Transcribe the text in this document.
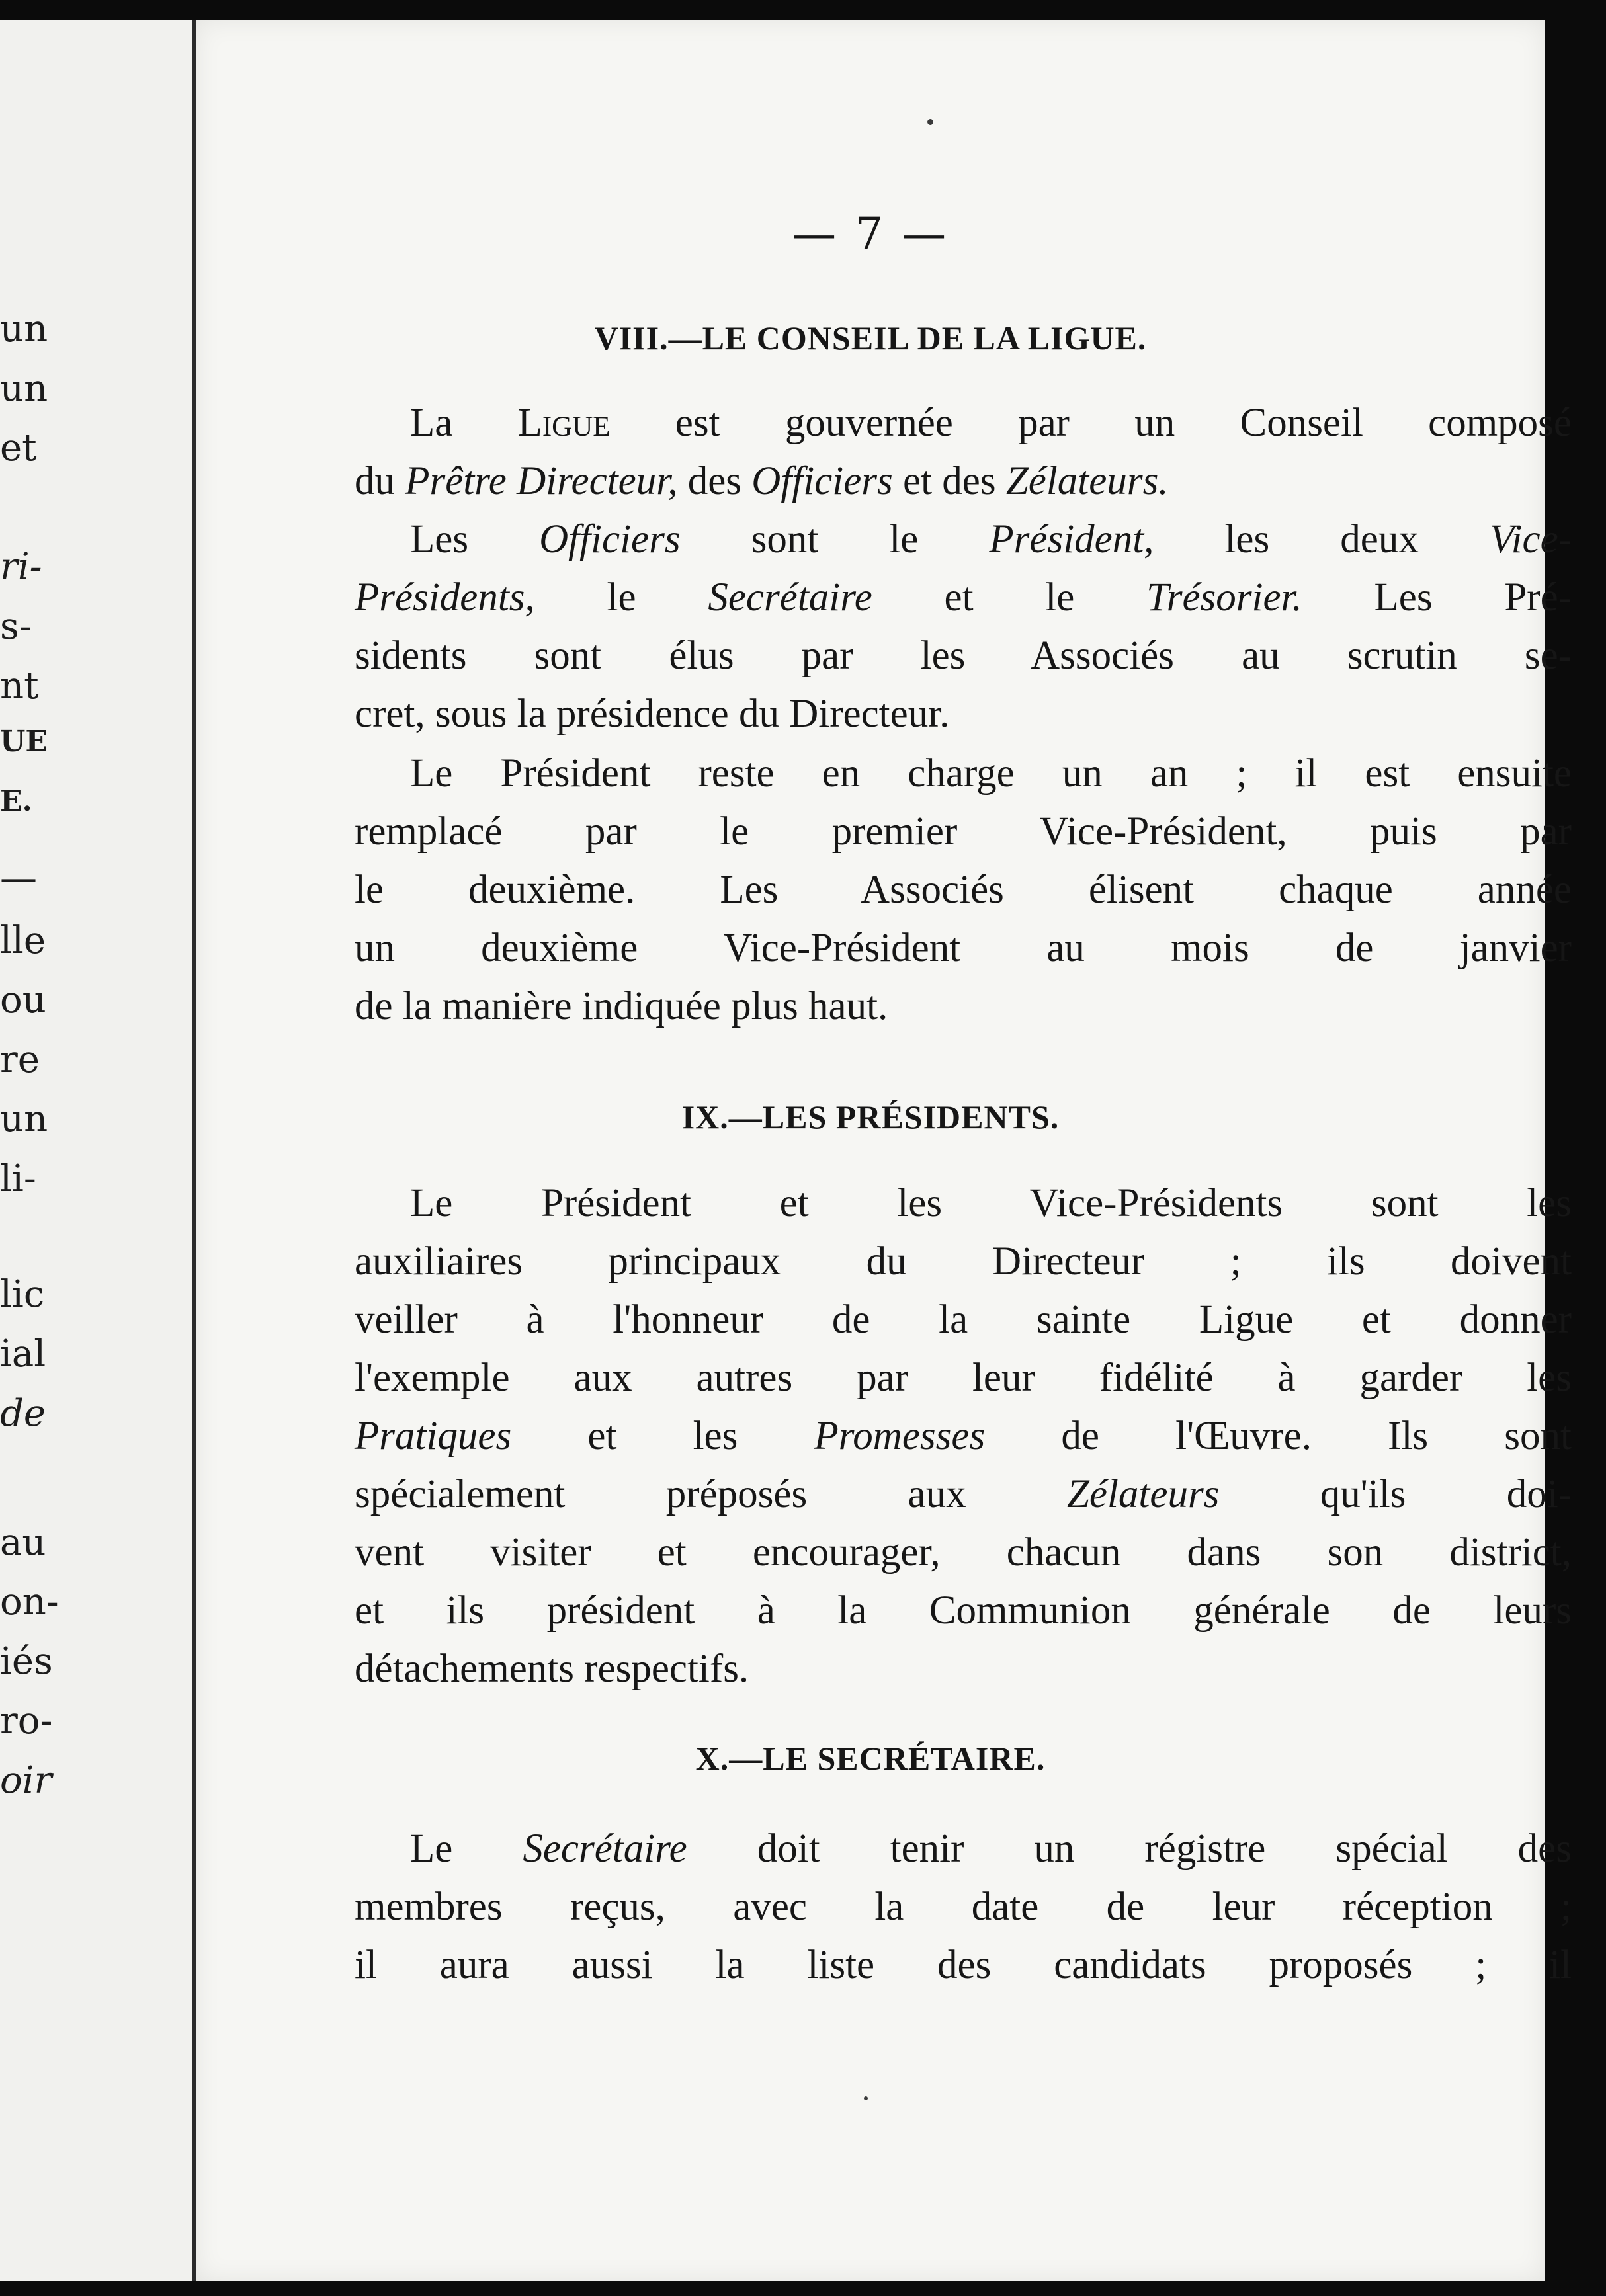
un
un
et
ri-
s-
nt
UE
E.
—
lle
ou
re
un
li-
lic
ial
de
au
on-
iés
ro-
oir
— 7 —
VIII.—LE CONSEIL DE LA LIGUE.
La Ligue est gouvernée par un Conseil composé
du Prêtre Directeur, des Officiers et des Zélateurs.
Les Officiers sont le Président, les deux Vice-
Présidents, le Secrétaire et le Trésorier. Les Pré-
sidents sont élus par les Associés au scrutin se-
cret, sous la présidence du Directeur.
Le Président reste en charge un an ; il est ensuite
remplacé par le premier Vice-Président, puis par
le deuxième. Les Associés élisent chaque année
un deuxième Vice-Président au mois de janvier
de la manière indiquée plus haut.
IX.—LES PRÉSIDENTS.
Le Président et les Vice-Présidents sont les
auxiliaires principaux du Directeur ; ils doivent
veiller à l'honneur de la sainte Ligue et donner
l'exemple aux autres par leur fidélité à garder les
Pratiques et les Promesses de l'Œuvre. Ils sont
spécialement préposés aux Zélateurs qu'ils doi-
vent visiter et encourager, chacun dans son district,
et ils président à la Communion générale de leurs
détachements respectifs.
X.—LE SECRÉTAIRE.
Le Secrétaire doit tenir un régistre spécial des
membres reçus, avec la date de leur réception ;
il aura aussi la liste des candidats proposés ; il
